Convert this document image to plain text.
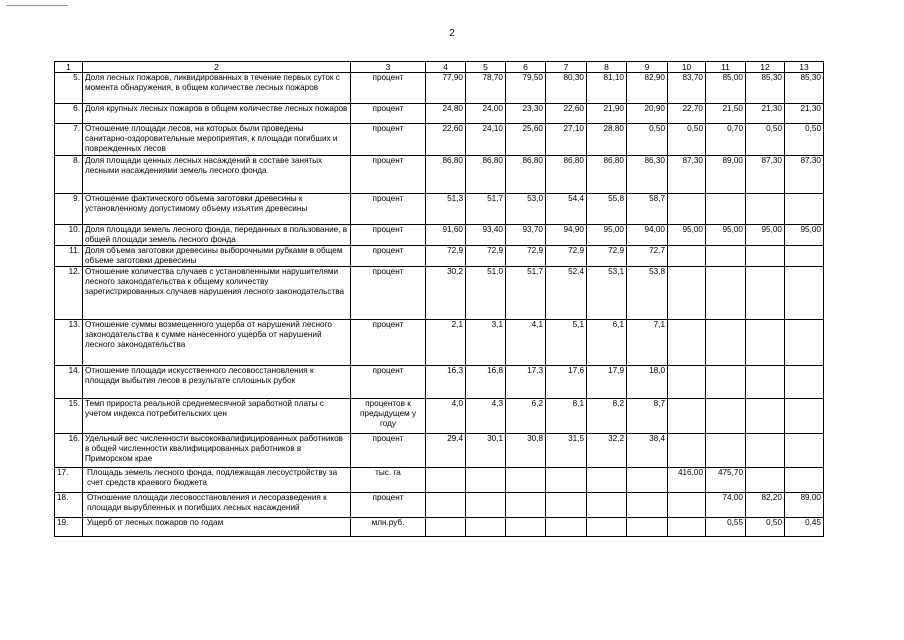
2
1	2	3	4	5	6	7	8	9	10	11	12	13
5.	Доля лесных пожаров, ликвидированных в течение первых суток с момента обнаружения, в общем количестве лесных пожаров	процент	77,90	78,70	79,50	80,30	81,10	82,90	83,70	85,00	85,30	85,30
6.	Доля крупных лесных пожаров в общем количестве лесных пожаров	процент	24,80	24,00	23,30	22,60	21,90	20,90	22,70	21,50	21,30	21,30
7.	Отношение площади лесов, на которых были проведены санитарно-оздоровительные мероприятия, к площади погибших и поврежденных лесов	процент	22,60	24,10	25,60	27,10	28,80	0,50	0,50	0,70	0,50	0,50
8.	Доля площади ценных лесных насаждений в составе занятых лесными насаждениями земель лесного фонда	процент	86,80	86,80	86,80	86,80	86,80	86,30	87,30	89,00	87,30	87,30
9.	Отношение фактического объема заготовки древесины к установленному допустимому объему изъятия древесины	процент	51,3	51,7	53,0	54,4	55,8	58,7				
10.	Доля площади земель лесного фонда, переданных в пользование, в общей площади земель лесного фонда	процент	91,60	93,40	93,70	94,90	95,00	94,00	95,00	95,00	95,00	95,00
11.	Доля объема заготовки древесины выборочными рубками в общем объеме заготовки древесины	процент	72,9	72,9	72,9	72,9	72,9	72,7				
12.	Отношение количества случаев с установленными нарушителями лесного законодательства к общему количеству зарегистрированных случаев нарушения лесного законодательства	процент	30,2	51,0	51,7	52,4	53,1	53,8				
13.	Отношение суммы возмещенного ущерба от нарушений лесного законодательства к сумме нанесенного ущерба от нарушений лесного законодательства	процент	2,1	3,1	4,1	5,1	6,1	7,1				
14.	Отношение площади искусственного лесовосстановления к площади выбытия лесов в результате сплошных рубок	процент	16,3	16,8	17,3	17,6	17,9	18,0				
15.	Темп прироста реальной среднемесячной заработной платы с учетом индекса потребительских цен	процентов к предыдущем у году	4,0	4,3	6,2	8,1	8,2	8,7				
16.	Удельный вес численности высококвалифицированных работников в общей численности квалифицированных работников в Приморском крае	процент	29,4	30,1	30,8	31,5	32,2	38,4				
17.	Площадь земель лесного фонда, подлежащая лесоустройству за счет средств краевого бюджета	тыс. га							416,00	475,70		
18.	Отношение площади лесовосстановления и лесоразведения к площади вырубленных и погибших лесных насаждений	процент								74,00	82,20	89,00
19.	Ущерб от лесных пожаров по годам	млн.руб.								0,55	0,50	0,45
